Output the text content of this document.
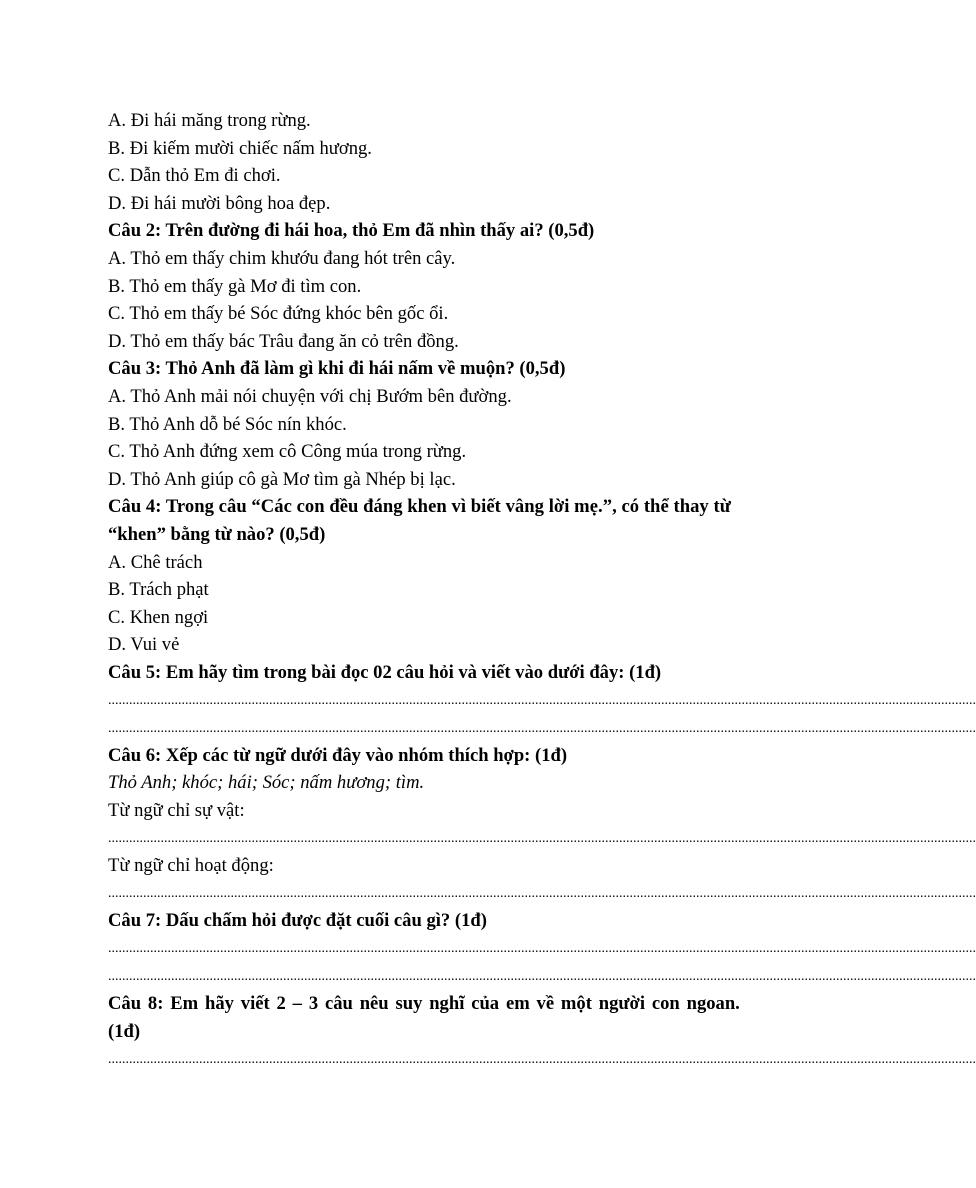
A. Đi hái măng trong rừng.
B. Đi kiếm mười chiếc nấm hương.
C. Dẫn thỏ Em đi chơi.
D. Đi hái mười bông hoa đẹp.
Câu 2: Trên đường đi hái hoa, thỏ Em đã nhìn thấy ai? (0,5đ)
A. Thỏ em thấy chim khướu đang hót trên cây.
B. Thỏ em thấy gà Mơ đi tìm con.
C. Thỏ em thấy bé Sóc đứng khóc bên gốc ổi.
D. Thỏ em thấy bác Trâu đang ăn cỏ trên đồng.
Câu 3: Thỏ Anh đã làm gì khi đi hái nấm về muộn? (0,5đ)
A. Thỏ Anh mải nói chuyện với chị Bướm bên đường.
B. Thỏ Anh dỗ bé Sóc nín khóc.
C. Thỏ Anh đứng xem cô Công múa trong rừng.
D. Thỏ Anh giúp cô gà Mơ tìm gà Nhép bị lạc.
Câu 4: Trong câu “Các con đều đáng khen vì biết vâng lời mẹ.”, có thể thay từ
“khen” bằng từ nào? (0,5đ)
A. Chê trách
B. Trách phạt
C. Khen ngợi
D. Vui vẻ
Câu 5: Em hãy tìm trong bài đọc 02 câu hỏi và viết vào dưới đây: (1đ)
........................................................................................................................................................................................................................................................
........................................................................................................................................................................................................................................................
Câu 6: Xếp các từ ngữ dưới đây vào nhóm thích hợp: (1đ)
Thỏ Anh; khóc; hái; Sóc; nấm hương; tìm.
Từ ngữ chỉ sự vật:
........................................................................................................................................................................................................................................................
Từ ngữ chỉ hoạt động:
........................................................................................................................................................................................................................................................
Câu 7: Dấu chấm hỏi được đặt cuối câu gì? (1đ)
........................................................................................................................................................................................................................................................
........................................................................................................................................................................................................................................................
Câu 8: Em hãy viết 2 – 3 câu nêu suy nghĩ của em về một người con ngoan.
(1đ)
........................................................................................................................................................................................................................................................
